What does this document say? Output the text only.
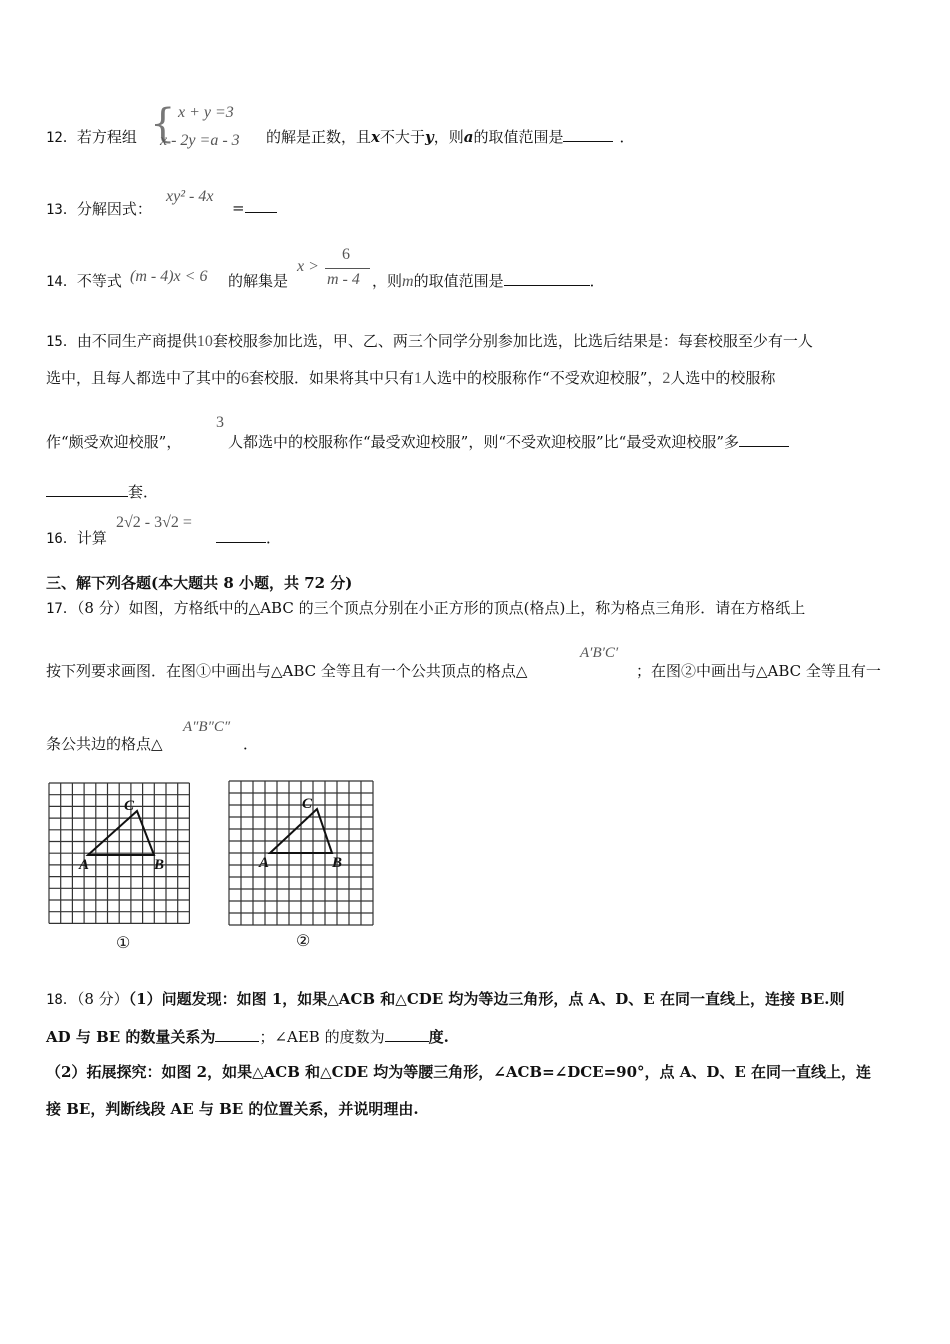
12．若方程组 { x + y =3
x - 2y =a - 3 的解是正数，且x不大于y，则a的取值范围是	．
13．分解因式：
xy² - 4x
=
14．不等式 (m - 4)x < 6 的解集是
x >
6
m - 4 ，则m的取值范围是	．
15．由不同生产商提供10套校服参加比选，甲、乙、两三个同学分别参加比选，比选后结果是：每套校服至少有一人
选中，且每人都选中了其中的6套校服．如果将其中只有1人选中的校服称作“不受欢迎校服”，2人选中的校服称
作“颇受欢迎校服”，
3
人都选中的校服称作“最受欢迎校服”，则“不受欢迎校服”比“最受欢迎校服”多
套．
16．计算
2√2 - 3√2 =
．
三、解下列各题(本大题共 8 小题，共 72 分)
17．（8 分）如图，方格纸中的△ABC 的三个顶点分别在小正方形的顶点(格点)上，称为格点三角形．请在方格纸上
按下列要求画图．在图①中画出与△ABC 全等且有一个公共顶点的格点△
A′B′C′
；在图②中画出与△ABC 全等且有一
条公共边的格点△
A″B″C″
．
A	B
C
①
A	B
C
②
18．（8 分）（1）问题发现：如图 1，如果△ACB 和△CDE 均为等边三角形，点 A、D、E 在同一直线上，连接 BE.则
AD 与 BE 的数量关系为	；∠AEB 的度数为	度.
（2）拓展探究：如图 2，如果△ACB 和△CDE 均为等腰三角形，∠ACB=∠DCE=90°，点 A、D、E 在同一直线上，连
接 BE，判断线段 AE 与 BE 的位置关系，并说明理由.
